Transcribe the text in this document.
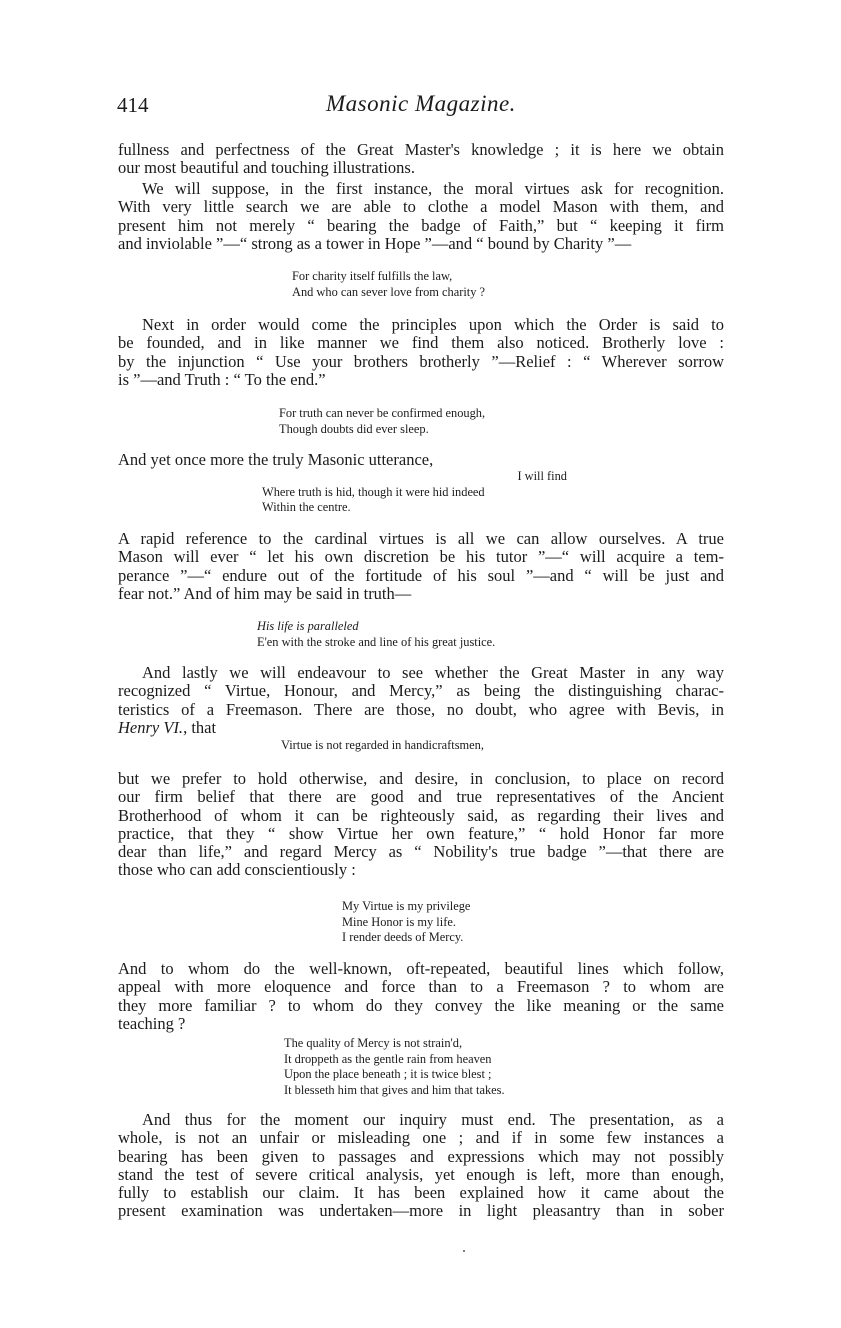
414	Masonic Magazine.
fullness and perfectness of the Great Master's knowledge ; it is here we obtain
our most beautiful and touching illustrations.
We will suppose, in the first instance, the moral virtues ask for recognition.
With very little search we are able to clothe a model Mason with them, and
present him not merely “ bearing the badge of Faith,” but “ keeping it firm
and inviolable ”—“ strong as a tower in Hope ”—and “ bound by Charity ”—
For charity itself fulfills the law,
And who can sever love from charity ?
Next in order would come the principles upon which the Order is said to
be founded, and in like manner we find them also noticed. Brotherly love :
by the injunction “ Use your brothers brotherly ”—Relief : “ Wherever sorrow
is ”—and Truth : “ To the end.”
For truth can never be confirmed enough,
Though doubts did ever sleep.
And yet once more the truly Masonic utterance,
I will find
Where truth is hid, though it were hid indeed
Within the centre.
A rapid reference to the cardinal virtues is all we can allow ourselves. A true
Mason will ever “ let his own discretion be his tutor ”—“ will acquire a tem-
perance ”—“ endure out of the fortitude of his soul ”—and “ will be just and
fear not.” And of him may be said in truth—
His life is paralleled
E'en with the stroke and line of his great justice.
And lastly we will endeavour to see whether the Great Master in any way
recognized “ Virtue, Honour, and Mercy,” as being the distinguishing charac-
teristics of a Freemason. There are those, no doubt, who agree with Bevis, in
Henry VI., that
Virtue is not regarded in handicraftsmen,
but we prefer to hold otherwise, and desire, in conclusion, to place on record
our firm belief that there are good and true representatives of the Ancient
Brotherhood of whom it can be righteously said, as regarding their lives and
practice, that they “ show Virtue her own feature,” “ hold Honor far more
dear than life,” and regard Mercy as “ Nobility's true badge ”—that there are
those who can add conscientiously :
My Virtue is my privilege
Mine Honor is my life.
I render deeds of Mercy.
And to whom do the well-known, oft-repeated, beautiful lines which follow,
appeal with more eloquence and force than to a Freemason ? to whom are
they more familiar ? to whom do they convey the like meaning or the same
teaching ?
The quality of Mercy is not strain'd,
It droppeth as the gentle rain from heaven
Upon the place beneath ; it is twice blest ;
It blesseth him that gives and him that takes.
And thus for the moment our inquiry must end. The presentation, as a
whole, is not an unfair or misleading one ; and if in some few instances a
bearing has been given to passages and expressions which may not possibly
stand the test of severe critical analysis, yet enough is left, more than enough,
fully to establish our claim. It has been explained how it came about the
present examination was undertaken—more in light pleasantry than in sober
